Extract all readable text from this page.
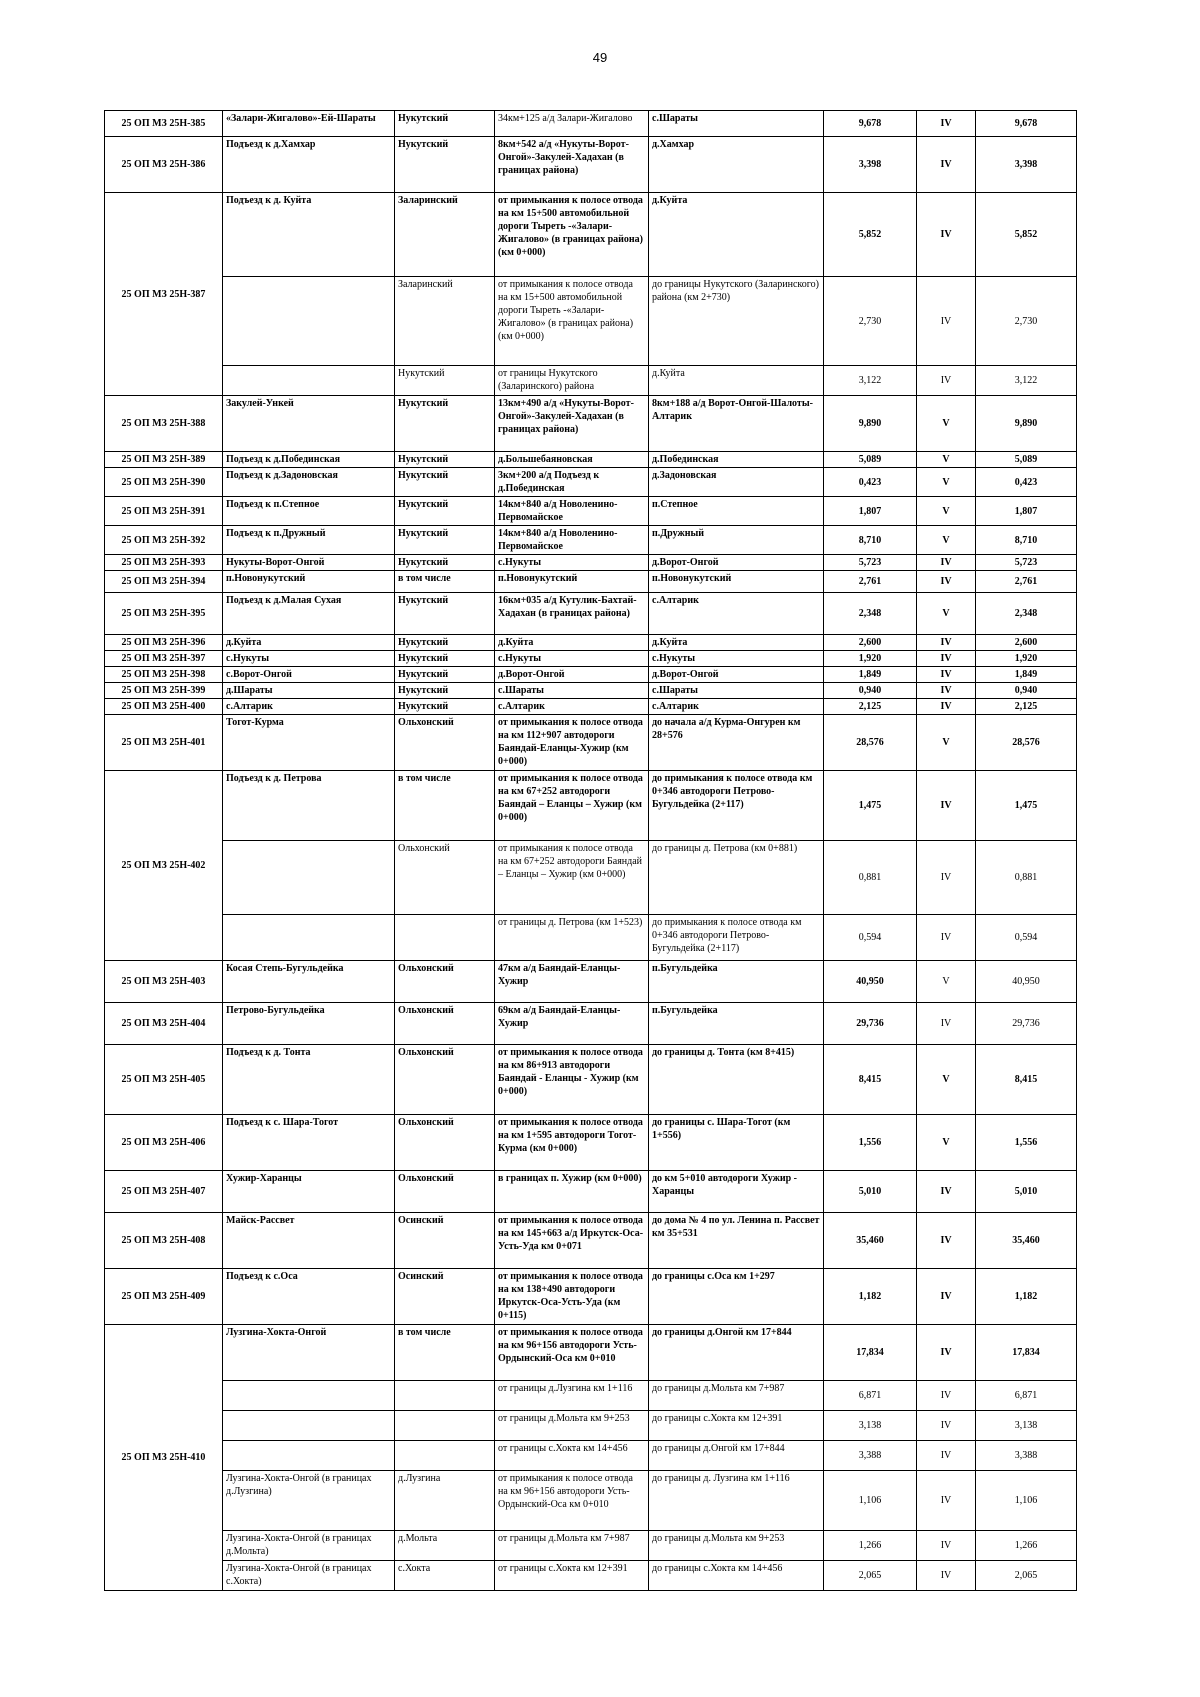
49
25 ОП МЗ 25Н-385	«Залари-Жигалово»-Ей-Шараты	Нукутский	34км+125 а/д Залари-Жигалово	с.Шараты	9,678	IV	9,678
25 ОП МЗ 25Н-386	Подъезд к д.Хамхар	Нукутский	8км+542 а/д «Нукуты-Ворот-Онгой»-Закулей-Хадахан (в границах района)	д.Хамхар	3,398	IV	3,398
25 ОП МЗ 25Н-387	Подъезд к д. Куйта	Заларинский	от примыкания к полосе отвода на км 15+500 автомобильной дороги Тыреть -«Залари-Жигалово» (в границах района) (км 0+000)	д.Куйта	5,852	IV	5,852
		Заларинский	от примыкания к полосе отвода на км 15+500 автомобильной дороги Тыреть -«Залари-Жигалово» (в границах района) (км 0+000)	до границы Нукутского (Заларинского) района (км 2+730)	2,730	IV	2,730
		Нукутский	от границы Нукутского (Заларинского) района	д.Куйта	3,122	IV	3,122
25 ОП МЗ 25Н-388	Закулей-Ункей	Нукутский	13км+490 а/д «Нукуты-Ворот-Онгой»-Закулей-Хадахан (в границах района)	8км+188 а/д Ворот-Онгой-Шалоты-Алтарик	9,890	V	9,890
25 ОП МЗ 25Н-389	Подъезд к д.Побединская	Нукутский	д.Большебаяновская	д.Побединская	5,089	V	5,089
25 ОП МЗ 25Н-390	Подъезд к д.Задоновская	Нукутский	3км+200 а/д Подъезд к д.Побединская	д.Задоновская	0,423	V	0,423
25 ОП МЗ 25Н-391	Подъезд к п.Степное	Нукутский	14км+840 а/д Новоленино-Первомайское	п.Степное	1,807	V	1,807
25 ОП МЗ 25Н-392	Подъезд к п.Дружный	Нукутский	14км+840 а/д Новоленино-Первомайское	п.Дружный	8,710	V	8,710
25 ОП МЗ 25Н-393	Нукуты-Ворот-Онгой	Нукутский	с.Нукуты	д.Ворот-Онгой	5,723	IV	5,723
25 ОП МЗ 25Н-394	п.Новонукутский	в том числе	п.Новонукутский	п.Новонукутский	2,761	IV	2,761
25 ОП МЗ 25Н-395	Подъезд к д.Малая Сухая	Нукутский	16км+035 а/д Кутулик-Бахтай-Хадахан (в границах района)	с.Алтарик	2,348	V	2,348
25 ОП МЗ 25Н-396	д.Куйта	Нукутский	д.Куйта	д.Куйта	2,600	IV	2,600
25 ОП МЗ 25Н-397	с.Нукуты	Нукутский	с.Нукуты	с.Нукуты	1,920	IV	1,920
25 ОП МЗ 25Н-398	с.Ворот-Онгой	Нукутский	д.Ворот-Онгой	д.Ворот-Онгой	1,849	IV	1,849
25 ОП МЗ 25Н-399	д.Шараты	Нукутский	с.Шараты	с.Шараты	0,940	IV	0,940
25 ОП МЗ 25Н-400	с.Алтарик	Нукутский	с.Алтарик	с.Алтарик	2,125	IV	2,125
25 ОП МЗ 25Н-401	Тогот-Курма	Ольхонский	от примыкания к полосе отвода на км 112+907 автодороги Баяндай-Еланцы-Хужир (км 0+000)	до начала а/д Курма-Онгурен км 28+576	28,576	V	28,576
25 ОП МЗ 25Н-402	Подъезд к д. Петрова	в том числе	от примыкания к полосе отвода на км 67+252 автодороги Баяндай – Еланцы – Хужир (км 0+000)	до примыкания к полосе отвода км 0+346 автодороги Петрово-Бугульдейка (2+117)	1,475	IV	1,475
		Ольхонский	от примыкания к полосе отвода на км 67+252 автодороги Баяндай – Еланцы – Хужир (км 0+000)	до границы д. Петрова (км 0+881)	0,881	IV	0,881
			от границы д. Петрова (км 1+523)	до примыкания к полосе отвода км 0+346 автодороги Петрово-Бугульдейка (2+117)	0,594	IV	0,594
25 ОП МЗ 25Н-403	Косая Степь-Бугульдейка	Ольхонский	47км а/д Баяндай-Еланцы-Хужир	п.Бугульдейка	40,950	V	40,950
25 ОП МЗ 25Н-404	Петрово-Бугульдейка	Ольхонский	69км а/д Баяндай-Еланцы-Хужир	п.Бугульдейка	29,736	IV	29,736
25 ОП МЗ 25Н-405	Подъезд к д. Тонта	Ольхонский	от примыкания к полосе отвода на км 86+913 автодороги Баяндай - Еланцы - Хужир (км 0+000)	до границы д. Тонта (км 8+415)	8,415	V	8,415
25 ОП МЗ 25Н-406	Подъезд к с. Шара-Тогот	Ольхонский	от примыкания к полосе отвода на км 1+595 автодороги Тогот-Курма (км 0+000)	до границы с. Шара-Тогот (км 1+556)	1,556	V	1,556
25 ОП МЗ 25Н-407	Хужир-Харанцы	Ольхонский	в границах п. Хужир (км 0+000)	до км 5+010 автодороги Хужир - Харанцы	5,010	IV	5,010
25 ОП МЗ 25Н-408	Майск-Рассвет	Осинский	от примыкания к полосе отвода на км 145+663 а/д Иркутск-Оса-Усть-Уда км 0+071	до дома № 4 по ул. Ленина п. Рассвет км 35+531	35,460	IV	35,460
25 ОП МЗ 25Н-409	Подъезд к с.Оса	Осинский	от примыкания к полосе отвода на км 138+490 автодороги Иркутск-Оса-Усть-Уда (км 0+115)	до границы с.Оса км 1+297	1,182	IV	1,182
25 ОП МЗ 25Н-410	Лузгина-Хокта-Онгой	в том числе	от примыкания к полосе отвода на км 96+156 автодороги Усть-Ордынский-Оса км 0+010	до границы д.Онгой км 17+844	17,834	IV	17,834
			от границы д.Лузгина км 1+116	до границы д.Мольта км 7+987	6,871	IV	6,871
			от границы д.Мольта км 9+253	до границы с.Хокта км 12+391	3,138	IV	3,138
			от границы с.Хокта км 14+456	до границы д.Онгой км 17+844	3,388	IV	3,388
	Лузгина-Хокта-Онгой (в границах д.Лузгина)	д.Лузгина	от примыкания к полосе отвода на км 96+156 автодороги Усть-Ордынский-Оса км 0+010	до границы д. Лузгина км 1+116	1,106	IV	1,106
	Лузгина-Хокта-Онгой (в границах д.Мольта)	д.Мольта	от границы д.Мольта км 7+987	до границы д.Мольта км 9+253	1,266	IV	1,266
	Лузгина-Хокта-Онгой (в границах с.Хокта)	с.Хокта	от границы с.Хокта км 12+391	до границы с.Хокта км 14+456	2,065	IV	2,065
